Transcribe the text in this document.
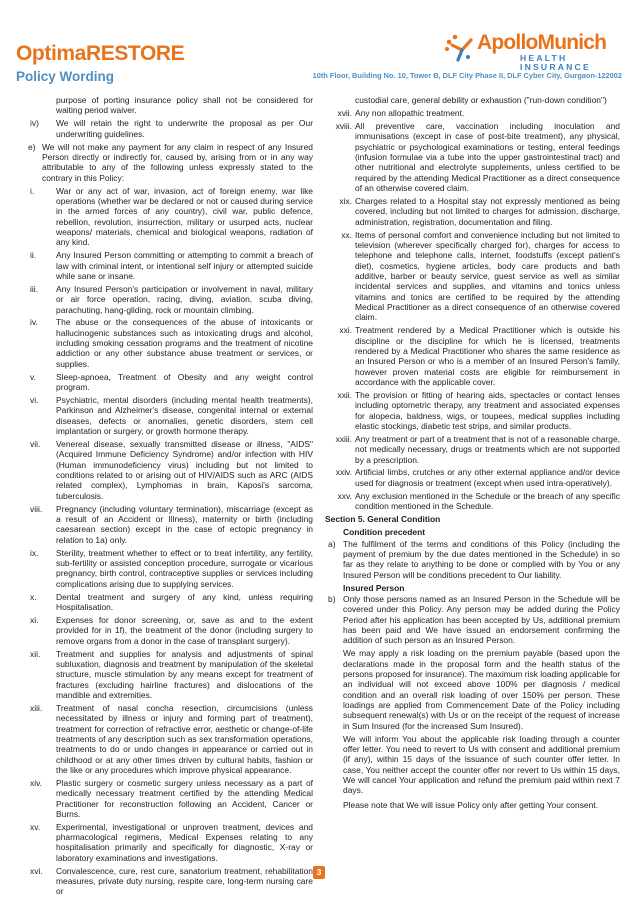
OptimaRESTORE
Policy Wording
ApolloMunich
HEALTH INSURANCE
10th Floor, Building No. 10, Tower B, DLF City Phase II, DLF Cyber City, Gurgaon-122002
purpose of porting insurance policy shall not be considered for waiting period waiver.
iv) We will retain the right to underwrite the proposal as per Our underwriting guidelines.
e) We will not make any payment for any claim in respect of any Insured Person directly or indirectly for, caused by, arising from or in any way attributable to any of the following unless expressly stated to the contrary in this Policy:
i.	War or any act of war, invasion, act of foreign enemy, war like operations (whether war be declared or not or caused during service in the armed forces of any country), civil war, public defence, rebellion, revolution, insurrection, military or usurped acts, nuclear weapons/ materials, chemical and biological weapons, radiation of any kind.
ii. Any Insured Person committing or attempting to commit a breach of law with criminal intent, or intentional self injury or attempted suicide while sane or insane.
iii. Any Insured Person's participation or involvement in naval, military or air force operation, racing, diving, aviation, scuba diving, parachuting, hang-gliding, rock or mountain climbing.
iv. The abuse or the consequences of the abuse of intoxicants or hallucinogenic substances such as intoxicating drugs and alcohol, including smoking cessation programs and the treatment of nicotine addiction or any other substance abuse treatment or services, or supplies.
v. Sleep-apnoea, Treatment of Obesity and any weight control program.
vi. Psychiatric, mental disorders (including mental health treatments), Parkinson and Alzheimer's disease, congenital internal or external diseases, defects or anomalies, genetic disorders, stem cell implantation or surgery, or growth hormone therapy.
vii. Venereal disease, sexually transmitted disease or illness, "AIDS" (Acquired Immune Deficiency Syndrome) and/or infection with HIV (Human immunodeficiency virus) including but not limited to conditions related to or arising out of HIV/AIDS such as ARC (AIDS related complex), Lymphomas in brain, Kaposi's sarcoma, tuberculosis.
viii. Pregnancy (including voluntary termination), miscarriage (except as a result of an Accident or Illness), maternity or birth (including caesarean section) except in the case of ectopic pregnancy in relation to 1a) only.
ix. Sterility, treatment whether to effect or to treat infertility, any fertility, sub-fertility or assisted conception procedure, surrogate or vicarious pregnancy, birth control, contraceptive supplies or services including complications arising due to supplying services.
x. Dental treatment and surgery of any kind, unless requiring Hospitalisation.
xi. Expenses for donor screening, or, save as and to the extent provided for in 1f), the treatment of the donor (including surgery to remove organs from a donor in the case of transplant surgery).
xii. Treatment and supplies for analysis and adjustments of spinal subluxation, diagnosis and treatment by manipulation of the skeletal structure, muscle stimulation by any means except for treatment of fractures (excluding hairline fractures) and dislocations of the mandible and extremities.
xiii. Treatment of nasal concha resection, circumcisions (unless necessitated by illness or injury and forming part of treatment), treatment for correction of refractive error, aesthetic or change-of-life treatments of any description such as sex transformation operations, treatments to do or undo changes in appearance or carried out in childhood or at any other times driven by cultural habits, fashion or the like or any procedures which improve physical appearance.
xiv. Plastic surgery or cosmetic surgery unless necessary as a part of medically necessary treatment certified by the attending Medical Practitioner for reconstruction following an Accident, Cancer or Burns.
xv. Experimental, investigational or unproven treatment, devices and pharmacological regimens, Medical Expenses relating to any hospitalisation primarily and specifically for diagnostic, X-ray or laboratory examinations and investigations.
xvi. Convalescence, cure, rest cure, sanatorium treatment, rehabilitation measures, private duty nursing, respite care, long-term nursing care or
custodial care, general debility or exhaustion ("run-down condition")
xvii. Any non allopathic treatment.
xviii. All preventive care, vaccination including inoculation and immunisations (except in case of post-bite treatment), any physical, psychiatric or psychological examinations or testing, enteral feedings (infusion formulae via a tube into the upper gastrointestinal tract) and other nutritional and electrolyte supplements, unless certified to be required by the attending Medical Practitioner as a direct consequence of an otherwise covered claim.
xix. Charges related to a Hospital stay not expressly mentioned as being covered, including but not limited to charges for admission, discharge, administration, registration, documentation and filing.
xx. Items of personal comfort and convenience including but not limited to television (wherever specifically charged for), charges for access to telephone and telephone calls, internet, foodstuffs (except patient's diet), cosmetics, hygiene articles, body care products and bath additive, barber or beauty service, guest service as well as similar incidental services and supplies, and vitamins and tonics unless vitamins and tonics are certified to be required by the attending Medical Practitioner as a direct consequence of an otherwise covered claim.
xxi. Treatment rendered by a Medical Practitioner which is outside his discipline or the discipline for which he is licensed, treatments rendered by a Medical Practitioner who shares the same residence as an Insured Person or who is a member of an Insured Person's family, however proven material costs are eligible for reimbursement in accordance with the applicable cover.
xxii. The provision or fitting of hearing aids, spectacles or contact lenses including optometric therapy, any treatment and associated expenses for alopecia, baldness, wigs, or toupees, medical supplies including elastic stockings, diabetic test strips, and similar products.
xxiii. Any treatment or part of a treatment that is not of a reasonable charge, not medically necessary, drugs or treatments which are not supported by a prescription.
xxiv. Artificial limbs, crutches or any other external appliance and/or device used for diagnosis or treatment (except when used intra-operatively).
xxv. Any exclusion mentioned in the Schedule or the breach of any specific condition mentioned in the Schedule.
Section 5. General Condition
Condition precedent
a) The fulfilment of the terms and conditions of this Policy (including the payment of premium by the due dates mentioned in the Schedule) in so far as they relate to anything to be done or complied with by You or any Insured Person will be conditions precedent to Our liability.
Insured Person
b) Only those persons named as an Insured Person in the Schedule will be covered under this Policy. Any person may be added during the Policy Period after his application has been accepted by Us, additional premium has been paid and We have issued an endorsement confirming the addition of such person as an Insured Person.

We may apply a risk loading on the premium payable (based upon the declarations made in the proposal form and the health status of the persons proposed for insurance). The maximum risk loading applicable for an individual will not exceed above 100% per diagnosis / medical condition and an overall risk loading of over 150% per person. These loadings are applied from Commencement Date of the Policy including subsequent renewal(s) with Us or on the receipt of the request of increase in Sum Insured (for the increased Sum Insured).

We will inform You about the applicable risk loading through a counter offer letter. You need to revert to Us with consent and additional premium (if any), within 15 days of the issuance of such counter offer letter. In case, You neither accept the counter offer nor revert to Us within 15 days, We will cancel Your application and refund the premium paid within next 7 days.

Please note that We will issue Policy only after getting Your consent.

3
